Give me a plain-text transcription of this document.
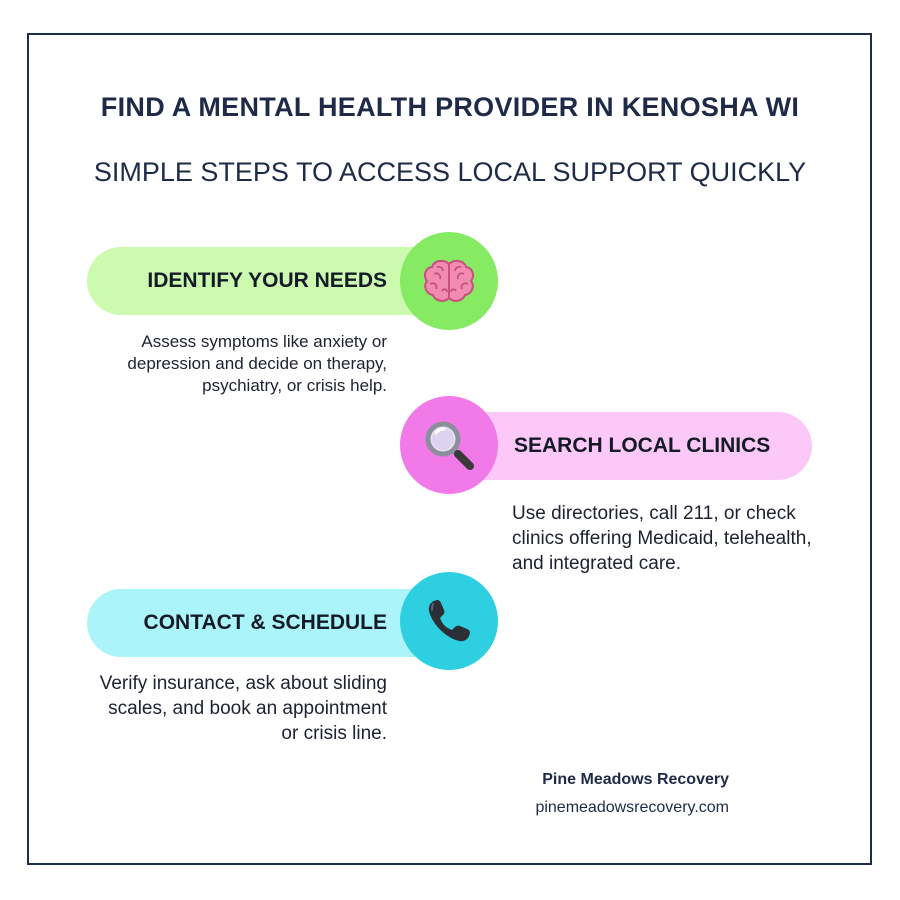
FIND A MENTAL HEALTH PROVIDER IN KENOSHA WI
SIMPLE STEPS TO ACCESS LOCAL SUPPORT QUICKLY
IDENTIFY YOUR NEEDS
Assess symptoms like anxiety or depression and decide on therapy, psychiatry, or crisis help.
SEARCH LOCAL CLINICS
Use directories, call 211, or check clinics offering Medicaid, telehealth, and integrated care.
CONTACT & SCHEDULE
Verify insurance, ask about sliding scales, and book an appointment or crisis line.
Pine Meadows Recovery
pinemeadowsrecovery.com
